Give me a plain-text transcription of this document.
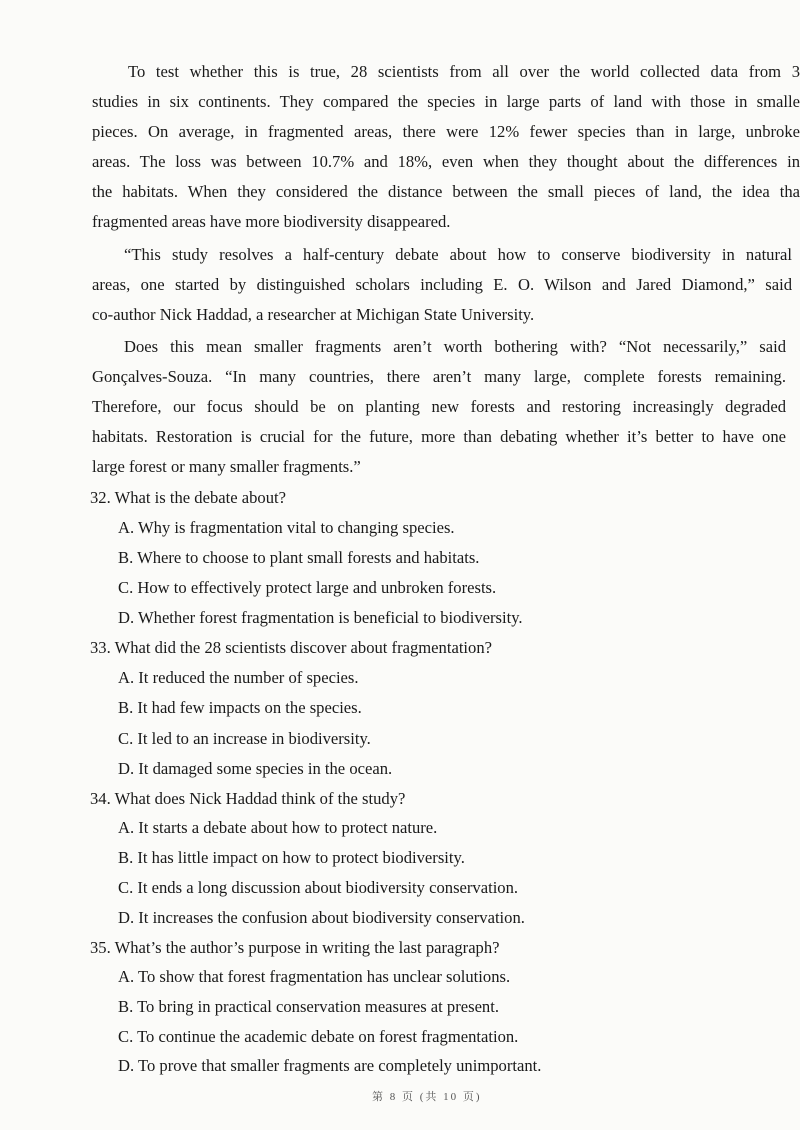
To test whether this is true, 28 scientists from all over the world collected data from 3
studies in six continents. They compared the species in large parts of land with those in smalle
pieces. On average, in fragmented areas, there were 12% fewer species than in large, unbroke
areas. The loss was between 10.7% and 18%, even when they thought about the differences in
the habitats. When they considered the distance between the small pieces of land, the idea tha
fragmented areas have more biodiversity disappeared.
“This study resolves a half-century debate about how to conserve biodiversity in natural
areas, one started by distinguished scholars including E. O. Wilson and Jared Diamond,” said
co-author Nick Haddad, a researcher at Michigan State University.
Does this mean smaller fragments aren’t worth bothering with? “Not necessarily,” said
Gonçalves-Souza. “In many countries, there aren’t many large, complete forests remaining.
Therefore, our focus should be on planting new forests and restoring increasingly degraded
habitats. Restoration is crucial for the future, more than debating whether it’s better to have one
large forest or many smaller fragments.”
32. What is the debate about?
A. Why is fragmentation vital to changing species.
B. Where to choose to plant small forests and habitats.
C. How to effectively protect large and unbroken forests.
D. Whether forest fragmentation is beneficial to biodiversity.
33. What did the 28 scientists discover about fragmentation?
A. It reduced the number of species.
B. It had few impacts on the species.
C. It led to an increase in biodiversity.
D. It damaged some species in the ocean.
34. What does Nick Haddad think of the study?
A. It starts a debate about how to protect nature.
B. It has little impact on how to protect biodiversity.
C. It ends a long discussion about biodiversity conservation.
D. It increases the confusion about biodiversity conservation.
35. What’s the author’s purpose in writing the last paragraph?
A. To show that forest fragmentation has unclear solutions.
B. To bring in practical conservation measures at present.
C. To continue the academic debate on forest fragmentation.
D. To prove that smaller fragments are completely unimportant.
第 8 页 (共 10 页)
